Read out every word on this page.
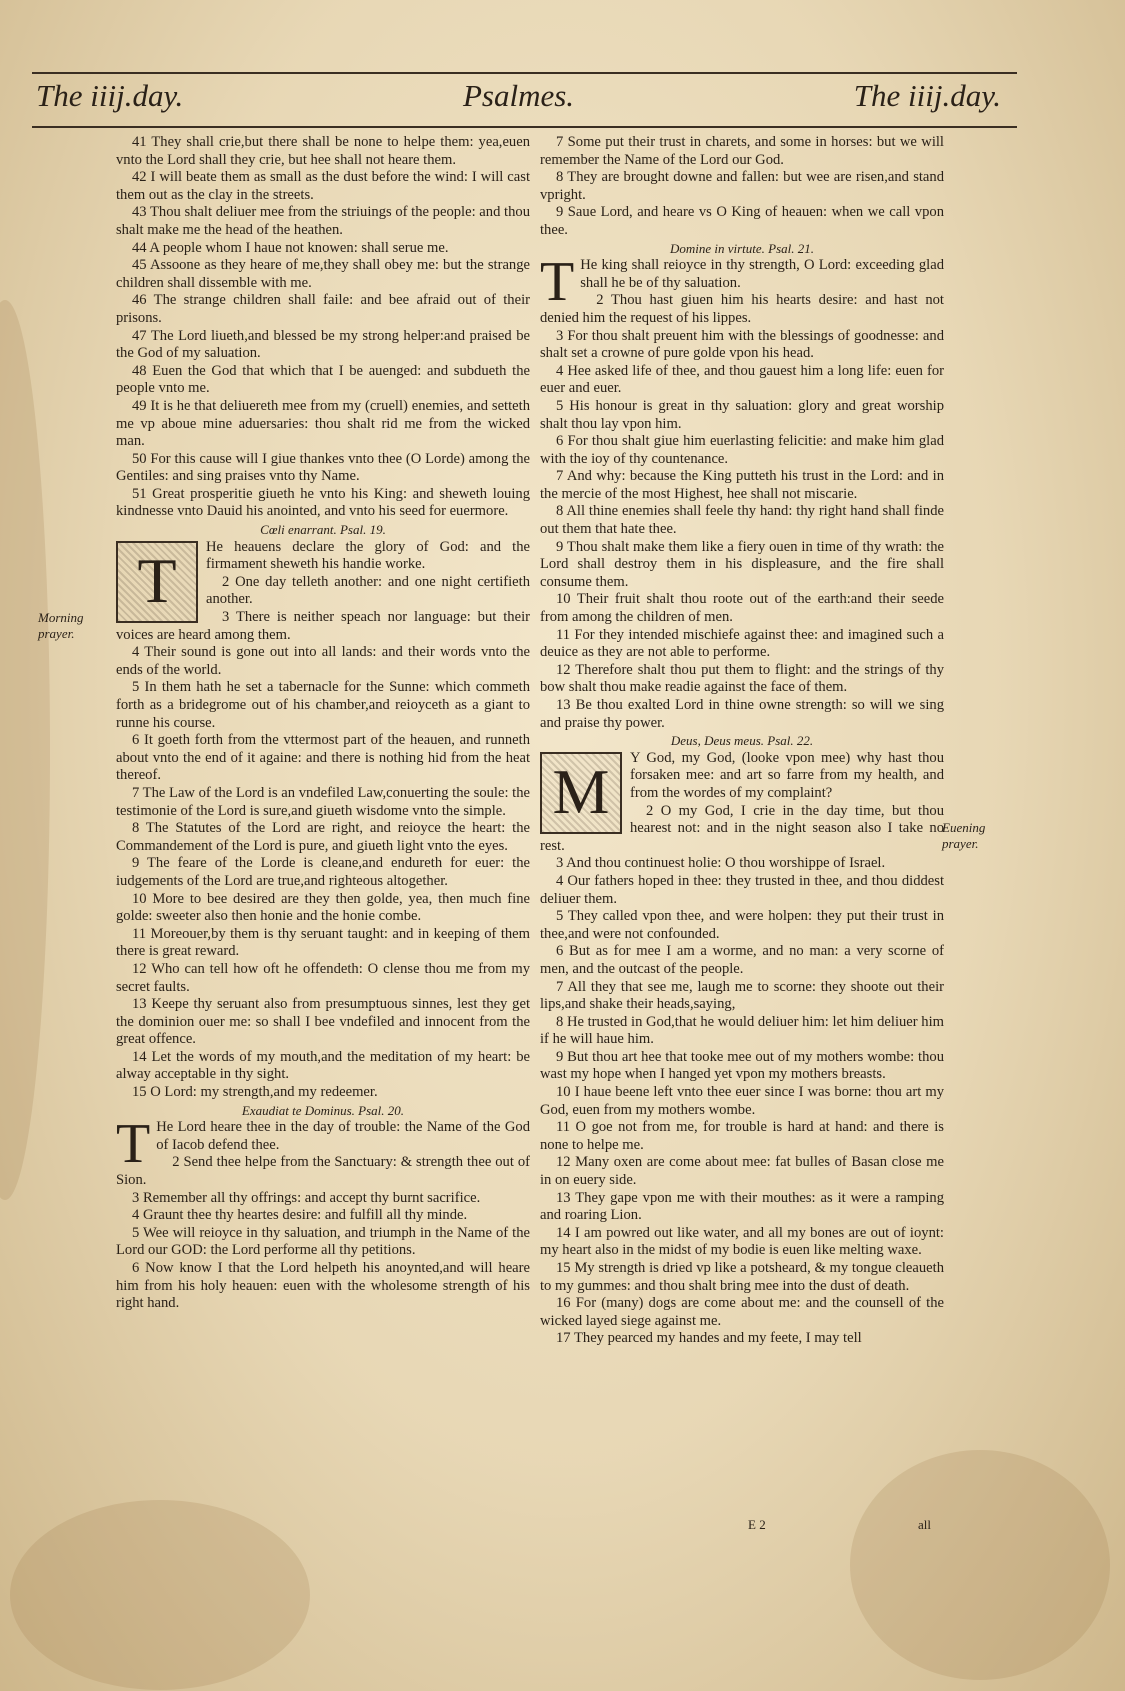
The iiij.day.	Psalmes.	The iiij.day.
Morning prayer.
Euening prayer.

41 They shall crie,but there shall be none to helpe them: yea,euen vnto the Lord shall they crie, but hee shall not heare them.

42 I will beate them as small as the dust before the wind: I will cast them out as the clay in the streets.

43 Thou shalt deliuer mee from the striuings of the people: and thou shalt make me the head of the heathen.

44 A people whom I haue not knowen: shall serue me.

45 Assoone as they heare of me,they shall obey me: but the strange children shall dissemble with me.

46 The strange children shall faile: and bee afraid out of their prisons.

47 The Lord liueth,and blessed be my strong helper:and praised be the God of my saluation.

48 Euen the God that which that I be auenged: and subdueth the people vnto me.

49 It is he that deliuereth mee from my (cruell) enemies, and setteth me vp aboue mine aduersaries: thou shalt rid me from the wicked man.

50 For this cause will I giue thankes vnto thee (O Lorde) among the Gentiles: and sing praises vnto thy Name.

51 Great prosperitie giueth he vnto his King: and sheweth louing kindnesse vnto Dauid his anointed, and vnto his seed for euermore.

Cœli enarrant. Psal. 19.

T	He heauens declare the glory of God: and the firmament sheweth his handie worke.

2 One day telleth another: and one night certifieth another.

3 There is neither speach nor language: but their voices are heard among them.

4 Their sound is gone out into all lands: and their words vnto the ends of the world.

5 In them hath he set a tabernacle for the Sunne: which commeth forth as a bridegrome out of his chamber,and reioyceth as a giant to runne his course.

6 It goeth forth from the vttermost part of the heauen, and runneth about vnto the end of it againe: and there is nothing hid from the heat thereof.

7 The Law of the Lord is an vndefiled Law,conuerting the soule: the testimonie of the Lord is sure,and giueth wisdome vnto the simple.

8 The Statutes of the Lord are right, and reioyce the heart: the Commandement of the Lord is pure, and giueth light vnto the eyes.

9 The feare of the Lorde is cleane,and endureth for euer: the iudgements of the Lord are true,and righteous altogether.

10 More to bee desired are they then golde, yea, then much fine golde: sweeter also then honie and the honie combe.

11 Moreouer,by them is thy seruant taught: and in keeping of them there is great reward.

12 Who can tell how oft he offendeth: O clense thou me from my secret faults.

13 Keepe thy seruant also from presumptuous sinnes, lest they get the dominion ouer me: so shall I bee vndefiled and innocent from the great offence.

14 Let the words of my mouth,and the meditation of my heart: be alway acceptable in thy sight.

15 O Lord: my strength,and my redeemer.

Exaudiat te Dominus. Psal. 20.

T He Lord heare thee in the day of trouble: the Name of the God of Iacob defend thee.

2 Send thee helpe from the Sanctuary: & strength thee out of Sion.

3 Remember all thy offrings: and accept thy burnt sacrifice.

4 Graunt thee thy heartes desire: and fulfill all thy minde.

5 Wee will reioyce in thy saluation, and triumph in the Name of the Lord our GOD: the Lord performe all thy petitions.

6 Now know I that the Lord helpeth his anoynted,and will heare him from his holy heauen: euen with the wholesome strength of his right hand.

7 Some put their trust in charets, and some in horses: but we will remember the Name of the Lord our God.

8 They are brought downe and fallen: but wee are risen,and stand vpright.

9 Saue Lord, and heare vs O King of heauen: when we call vpon thee.

Domine in virtute. Psal. 21.

T He king shall reioyce in thy strength, O Lord: exceeding glad shall he be of thy saluation.

2 Thou hast giuen him his hearts desire: and hast not denied him the request of his lippes.

3 For thou shalt preuent him with the blessings of goodnesse: and shalt set a crowne of pure golde vpon his head.

4 Hee asked life of thee, and thou gauest him a long life: euen for euer and euer.

5 His honour is great in thy saluation: glory and great worship shalt thou lay vpon him.

6 For thou shalt giue him euerlasting felicitie: and make him glad with the ioy of thy countenance.

7 And why: because the King putteth his trust in the Lord: and in the mercie of the most Highest, hee shall not miscarie.

8 All thine enemies shall feele thy hand: thy right hand shall finde out them that hate thee.

9 Thou shalt make them like a fiery ouen in time of thy wrath: the Lord shall destroy them in his displeasure, and the fire shall consume them.

10 Their fruit shalt thou roote out of the earth:and their seede from among the children of men.

11 For they intended mischiefe against thee: and imagined such a deuice as they are not able to performe.

12 Therefore shalt thou put them to flight: and the strings of thy bow shalt thou make readie against the face of them.

13 Be thou exalted Lord in thine owne strength: so will we sing and praise thy power.

Deus, Deus meus. Psal. 22.

M	Y God, my God, (looke vpon mee) why hast thou forsaken mee: and art so farre from my health, and from the wordes of my complaint?

2 O my God, I crie in the day time, but thou hearest not: and in the night season also I take no rest.

3 And thou continuest holie: O thou worshippe of Israel.

4 Our fathers hoped in thee: they trusted in thee, and thou diddest deliuer them.

5 They called vpon thee, and were holpen: they put their trust in thee,and were not confounded.

6 But as for mee I am a worme, and no man: a very scorne of men, and the outcast of the people.

7 All they that see me, laugh me to scorne: they shoote out their lips,and shake their heads,saying,

8 He trusted in God,that he would deliuer him: let him deliuer him if he will haue him.

9 But thou art hee that tooke mee out of my mothers wombe: thou wast my hope when I hanged yet vpon my mothers breasts.

10 I haue beene left vnto thee euer since I was borne: thou art my God, euen from my mothers wombe.

11 O goe not from me, for trouble is hard at hand: and there is none to helpe me.

12 Many oxen are come about mee: fat bulles of Basan close me in on euery side.

13 They gape vpon me with their mouthes: as it were a ramping and roaring Lion.

14 I am powred out like water, and all my bones are out of ioynt: my heart also in the midst of my bodie is euen like melting waxe.

15 My strength is dried vp like a potsheard, & my tongue cleaueth to my gummes: and thou shalt bring mee into the dust of death.

16 For (many) dogs are come about me: and the counsell of the wicked layed siege against me.

17 They pearced my handes and my feete, I may tell

E 2	all
